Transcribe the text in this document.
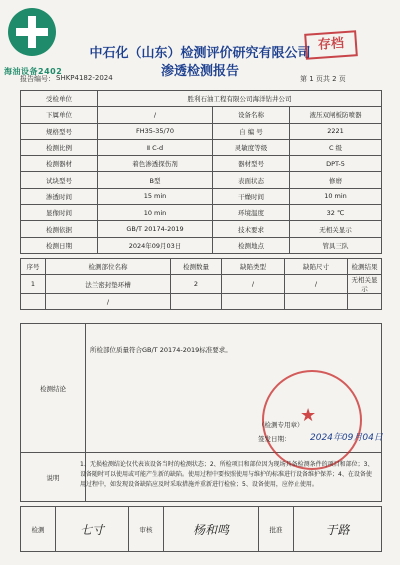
海油设备2402
中石化（山东）检测评价研究有限公司
渗透检测报告
存档
报告编号： SHKP4182-2024	第 1 页共 2 页
受检单位	胜利石油工程有限公司海洋钻井公司		
下属单位	/	设备名称	液压双闸板防喷器
规格型号	FH35-35/70	自 编 号	2221
检测比例	Ⅱ C-d	灵敏度等级	C 级
检测器材	着色渗透探伤剂	器材型号	DPT-5
试块型号	B型	表面状态	修磨
渗透时间	15 min	干燥时间	10 min
显像时间	10 min	环境温度	32 ℃
检测依据	GB/T 20174-2019	技术要求	无相关显示
检测日期	2024年09月03日	检测地点	管具三队
序号	检测部位名称	检测数量	缺陷类型	缺陷尺寸	检测结果
1	法兰密封垫环槽	2	/	/	无相关显示
	/				
检测结论	
说明	
所检部位质量符合GB/T 20174-2019标准要求。
★
（检测专用章）
签发日期： 2024年09月04日
1、无损检测结论仅代表该设备当时的检测状态；2、所检项目和部位因为现场具备检测条件的项目和部位；3、设备随时可以使用或可能产生新的缺陷。使用过程中要按照使用与维护的标准进行设备维护保养；4、在设备使用过程中，如发现设备缺陷应及时采取措施并重新进行检验；5、设备使用，应停止使用。
检测	七寸	审核	杨和鸣	批准	于路
